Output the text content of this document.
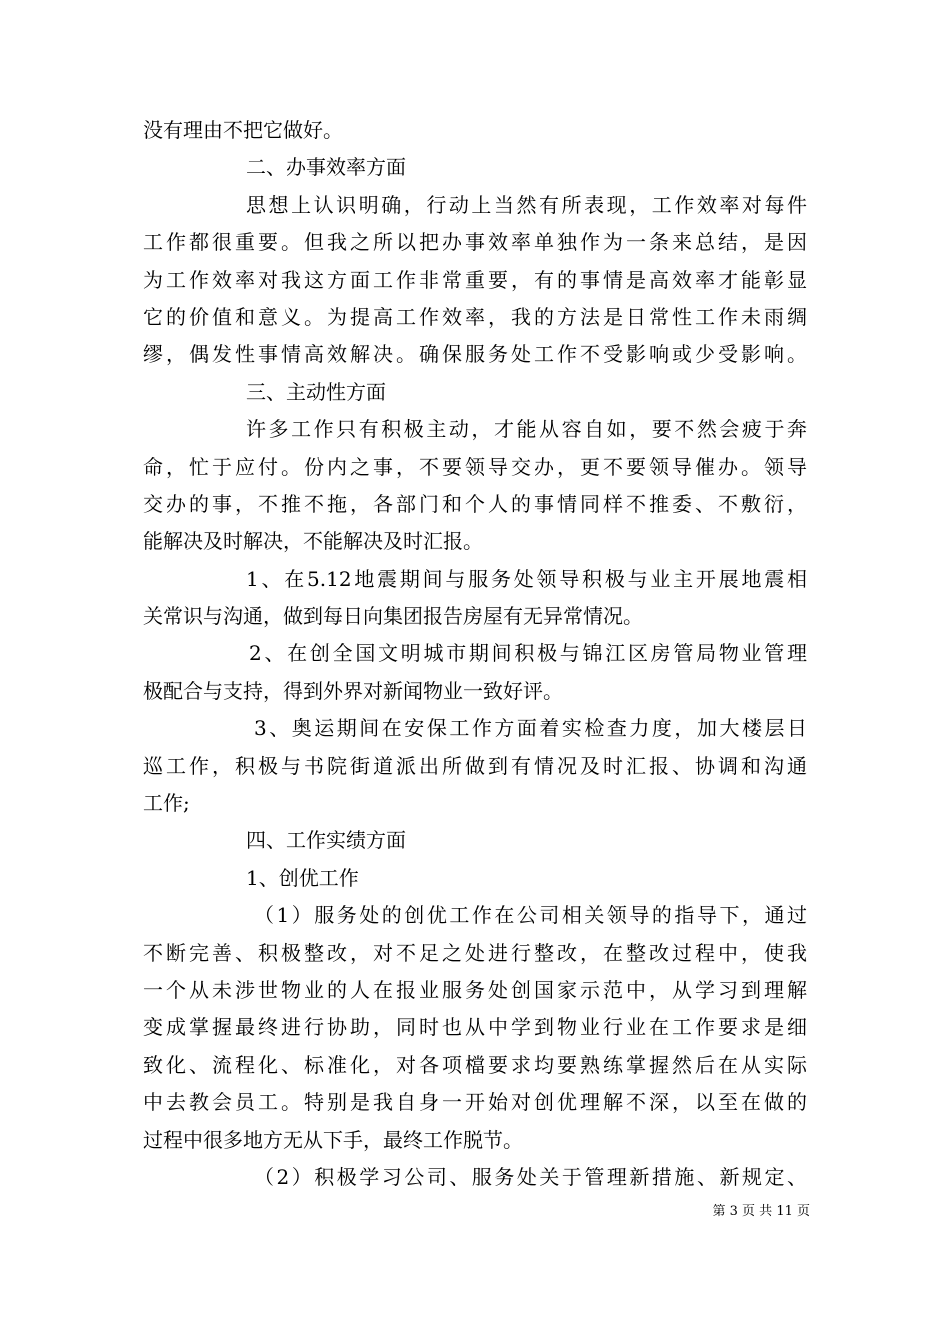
没有理由不把它做好。
二、办事效率方面
思想上认识明确，行动上当然有所表现，工作效率对每件
工作都很重要。但我之所以把办事效率单独作为一条来总结，是因
为工作效率对我这方面工作非常重要，有的事情是高效率才能彰显
它的价值和意义。为提高工作效率，我的方法是日常性工作未雨绸
缪，偶发性事情高效解决。确保服务处工作不受影响或少受影响。
三、主动性方面
许多工作只有积极主动，才能从容自如，要不然会疲于奔
命，忙于应付。份内之事，不要领导交办，更不要领导催办。领导
交办的事，不推不拖，各部门和个人的事情同样不推委、不敷衍，
能解决及时解决，不能解决及时汇报。
1、在5.12地震期间与服务处领导积极与业主开展地震相
关常识与沟通，做到每日向集团报告房屋有无异常情况。
2、在创全国文明城市期间积极与锦江区房管局物业管理
极配合与支持，得到外界对新闻物业一致好评。
3、奥运期间在安保工作方面着实检查力度，加大楼层日
巡工作，积极与书院街道派出所做到有情况及时汇报、协调和沟通
工作;
四、工作实绩方面
1、创优工作
（1）服务处的创优工作在公司相关领导的指导下，通过
不断完善、积极整改，对不足之处进行整改，在整改过程中，使我
一个从未涉世物业的人在报业服务处创国家示范中，从学习到理解
变成掌握最终进行协助，同时也从中学到物业行业在工作要求是细
致化、流程化、标准化，对各项檔要求均要熟练掌握然后在从实际
中去教会员工。特别是我自身一开始对创优理解不深，以至在做的
过程中很多地方无从下手，最终工作脱节。
（2）积极学习公司、服务处关于管理新措施、新规定、
第 3 页 共 11 页
